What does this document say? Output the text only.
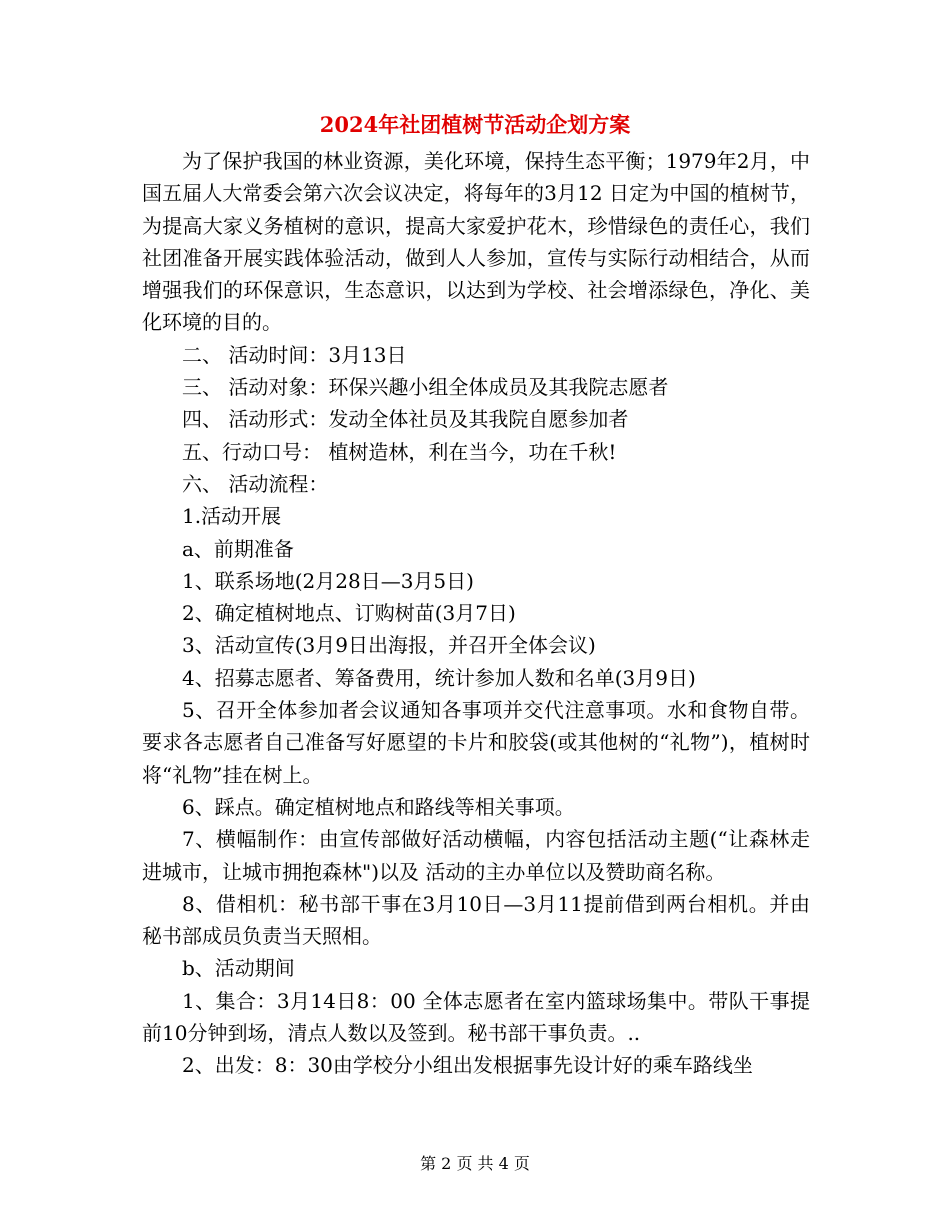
2024年社团植树节活动企划方案

为了保护我国的林业资源，美化环境，保持生态平衡；1979年2月，中国五届人大常委会第六次会议决定，将每年的3月12 日定为中国的植树节，为提高大家义务植树的意识，提高大家爱护花木，珍惜绿色的责任心，我们社团准备开展实践体验活动，做到人人参加，宣传与实际行动相结合，从而增强我们的环保意识，生态意识，以达到为学校、社会增添绿色，净化、美化环境的目的。

二、 活动时间：3月13日

三、 活动对象：环保兴趣小组全体成员及其我院志愿者

四、 活动形式：发动全体社员及其我院自愿参加者

五、行动口号： 植树造林，利在当今，功在千秋!

六、 活动流程：

1.活动开展

a、前期准备

1、联系场地(2月28日—3月5日)

2、确定植树地点、订购树苗(3月7日)

3、活动宣传(3月9日出海报，并召开全体会议)

4、招募志愿者、筹备费用，统计参加人数和名单(3月9日)

5、召开全体参加者会议通知各事项并交代注意事项。水和食物自带。要求各志愿者自己准备写好愿望的卡片和胶袋(或其他树的“礼物”)，植树时将“礼物”挂在树上。

6、踩点。确定植树地点和路线等相关事项。

7、横幅制作：由宣传部做好活动横幅，内容包括活动主题(“让森林走进城市，让城市拥抱森林")以及 活动的主办单位以及赞助商名称。

8、借相机：秘书部干事在3月10日—3月11提前借到两台相机。并由秘书部成员负责当天照相。

b、活动期间

1、集合：3月14日8：00 全体志愿者在室内篮球场集中。带队干事提前10分钟到场，清点人数以及签到。秘书部干事负责。..

2、出发：8：30由学校分小组出发根据事先设计好的乘车路线坐

第 2 页 共 4 页
